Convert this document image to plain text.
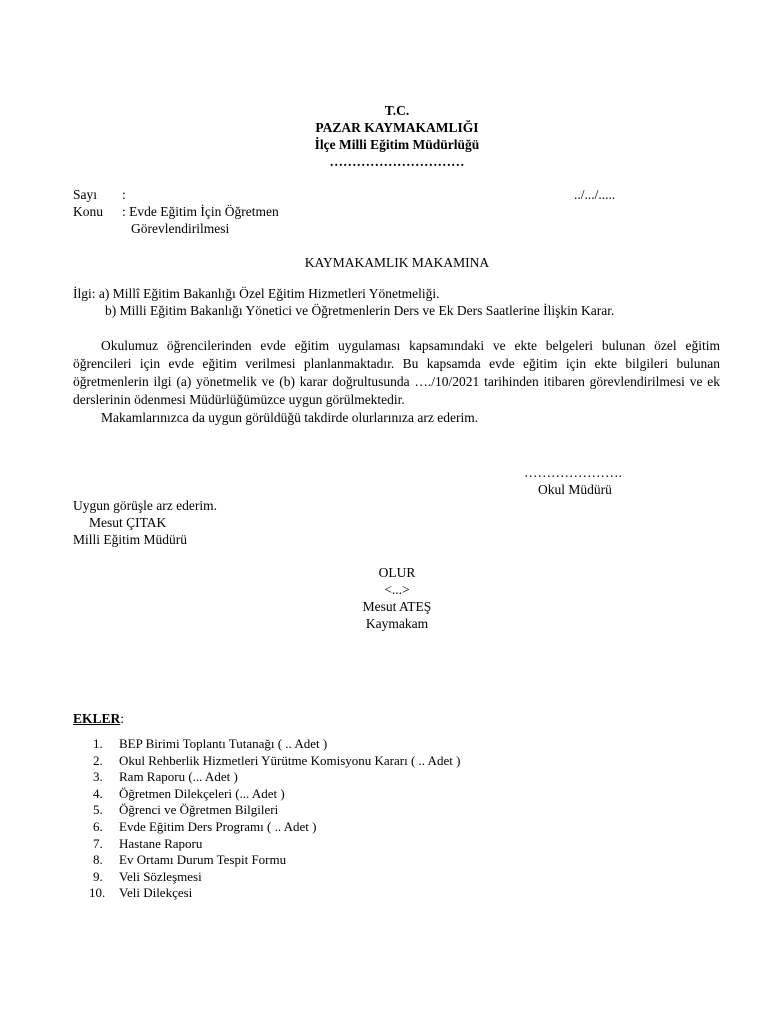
T.C.
PAZAR KAYMAKAMLIĞI
İlçe Milli Eğitim Müdürlüğü
…………………………
Sayı :	../.../.....
Konu : Evde Eğitim İçin Öğretmen
Görevlendirilmesi
KAYMAKAMLIK MAKAMINA
İlgi: a) Millî Eğitim Bakanlığı Özel Eğitim Hizmetleri Yönetmeliği.
b) Milli Eğitim Bakanlığı Yönetici ve Öğretmenlerin Ders ve Ek Ders Saatlerine İlişkin Karar.

Okulumuz öğrencilerinden evde eğitim uygulaması kapsamındaki ve ekte belgeleri bulunan özel eğitim öğrencileri için evde eğitim verilmesi planlanmaktadır. Bu kapsamda evde eğitim için ekte bilgileri bulunan öğretmenlerin ilgi (a) yönetmelik ve (b) karar doğrultusunda …./10/2021 tarihinden itibaren görevlendirilmesi ve ek derslerinin ödenmesi Müdürlüğümüzce uygun görülmektedir.

Makamlarınızca da uygun görüldüğü takdirde olurlarınıza arz ederim.

………………….
Okul Müdürü
Uygun görüşle arz ederim.
Mesut ÇITAK
Milli Eğitim Müdürü
OLUR
<...>
Mesut ATEŞ
Kaymakam
EKLER:
1.	BEP Birimi Toplantı Tutanağı ( .. Adet )
2.	Okul Rehberlik Hizmetleri Yürütme Komisyonu Kararı ( .. Adet )
3.	Ram Raporu (... Adet )
4.	Öğretmen Dilekçeleri (... Adet )
5.	Öğrenci ve Öğretmen Bilgileri
6.	Evde Eğitim Ders Programı ( .. Adet )
7.	Hastane Raporu
8.	Ev Ortamı Durum Tespit Formu
9.	Veli Sözleşmesi
10. Veli Dilekçesi
